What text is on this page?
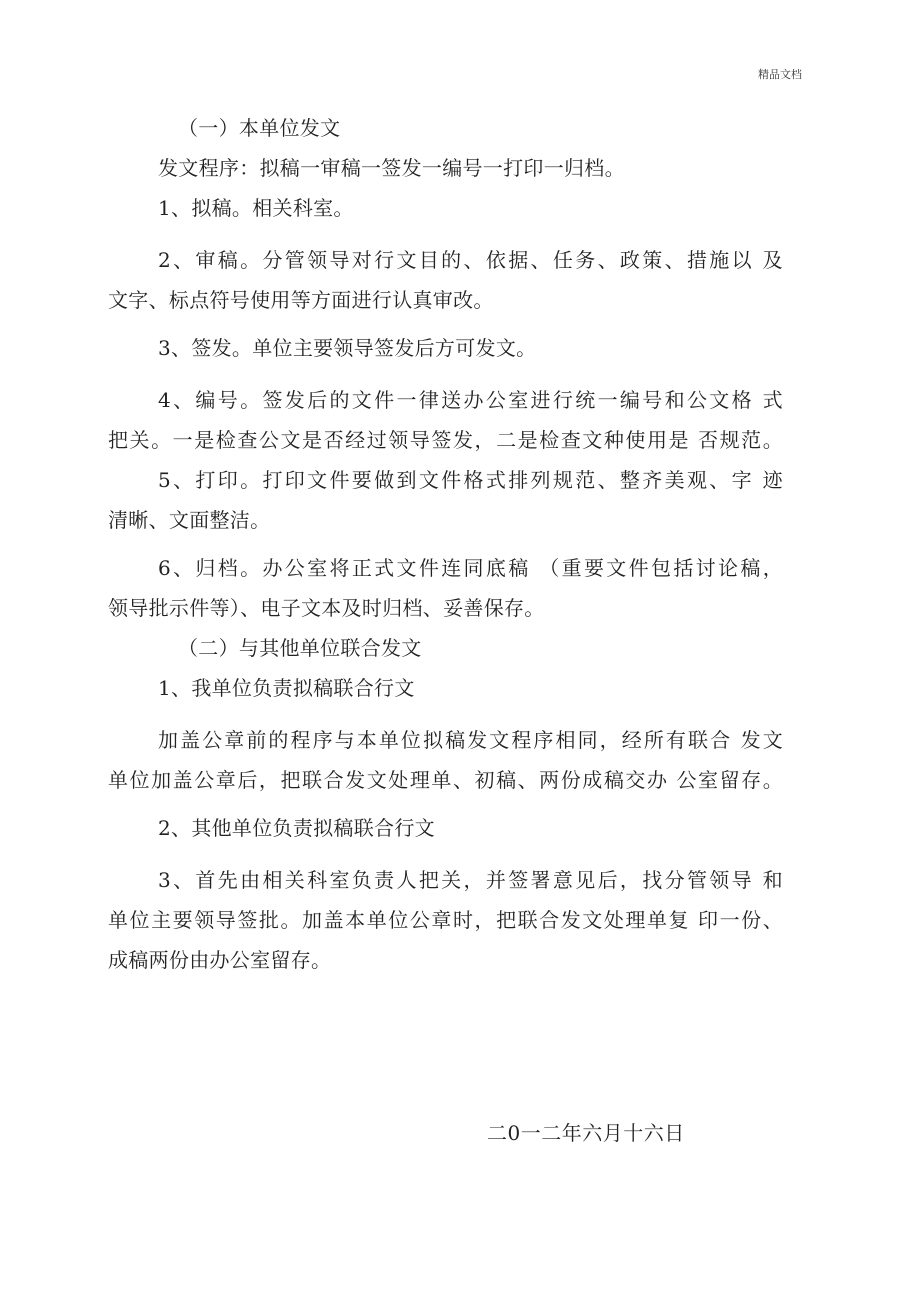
精品文档
（一）本单位发文
发文程序：拟稿一审稿一签发一编号一打印一归档。
1、拟稿。相关科室。
2、审稿。分管领导对行文目的、依据、任务、政策、措施以 及
文字、标点符号使用等方面进行认真审改。
3、签发。单位主要领导签发后方可发文。
4、编号。签发后的文件一律送办公室进行统一编号和公文格 式
把关。一是检查公文是否经过领导签发，二是检查文种使用是 否规范。
5、打印。打印文件要做到文件格式排列规范、整齐美观、字 迹
清晰、文面整洁。
6、归档。办公室将正式文件连同底稿 （重要文件包括讨论稿，
领导批示件等）、电子文本及时归档、妥善保存。
（二）与其他单位联合发文
1、我单位负责拟稿联合行文
加盖公章前的程序与本单位拟稿发文程序相同，经所有联合 发文
单位加盖公章后，把联合发文处理单、初稿、两份成稿交办 公室留存。
2、其他单位负责拟稿联合行文
3、首先由相关科室负责人把关，并签署意见后，找分管领导 和
单位主要领导签批。加盖本单位公章时，把联合发文处理单复 印一份、
成稿两份由办公室留存。
二0一二年六月十六日
